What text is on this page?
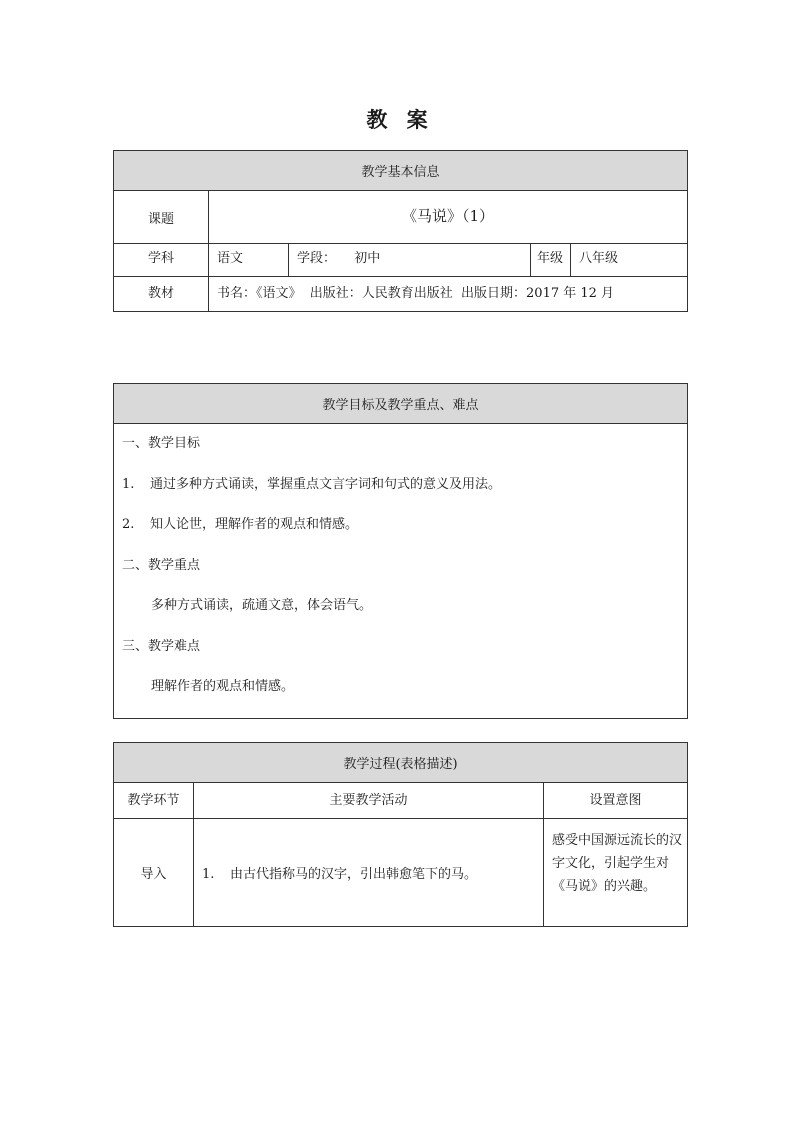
教 案
教学基本信息				
课题	《马说》（1）			
学科	语文	学段： 初中	年级	八年级
教材	书名：《语文》  出版社：人民教育出版社  出版日期：2017 年 12 月			
教学目标及教学重点、难点

一、教学目标
1. 通过多种方式诵读，掌握重点文言字词和句式的意义及用法。
2. 知人论世，理解作者的观点和情感。
二、教学重点
多种方式诵读，疏通文意，体会语气。
三、教学难点
理解作者的观点和情感。
教学过程(表格描述)		
教学环节	主要教学活动	设置意图
导入	1. 由古代指称马的汉字，引出韩愈笔下的马。	感受中国源远流长的汉字文化，引起学生对《马说》的兴趣。
